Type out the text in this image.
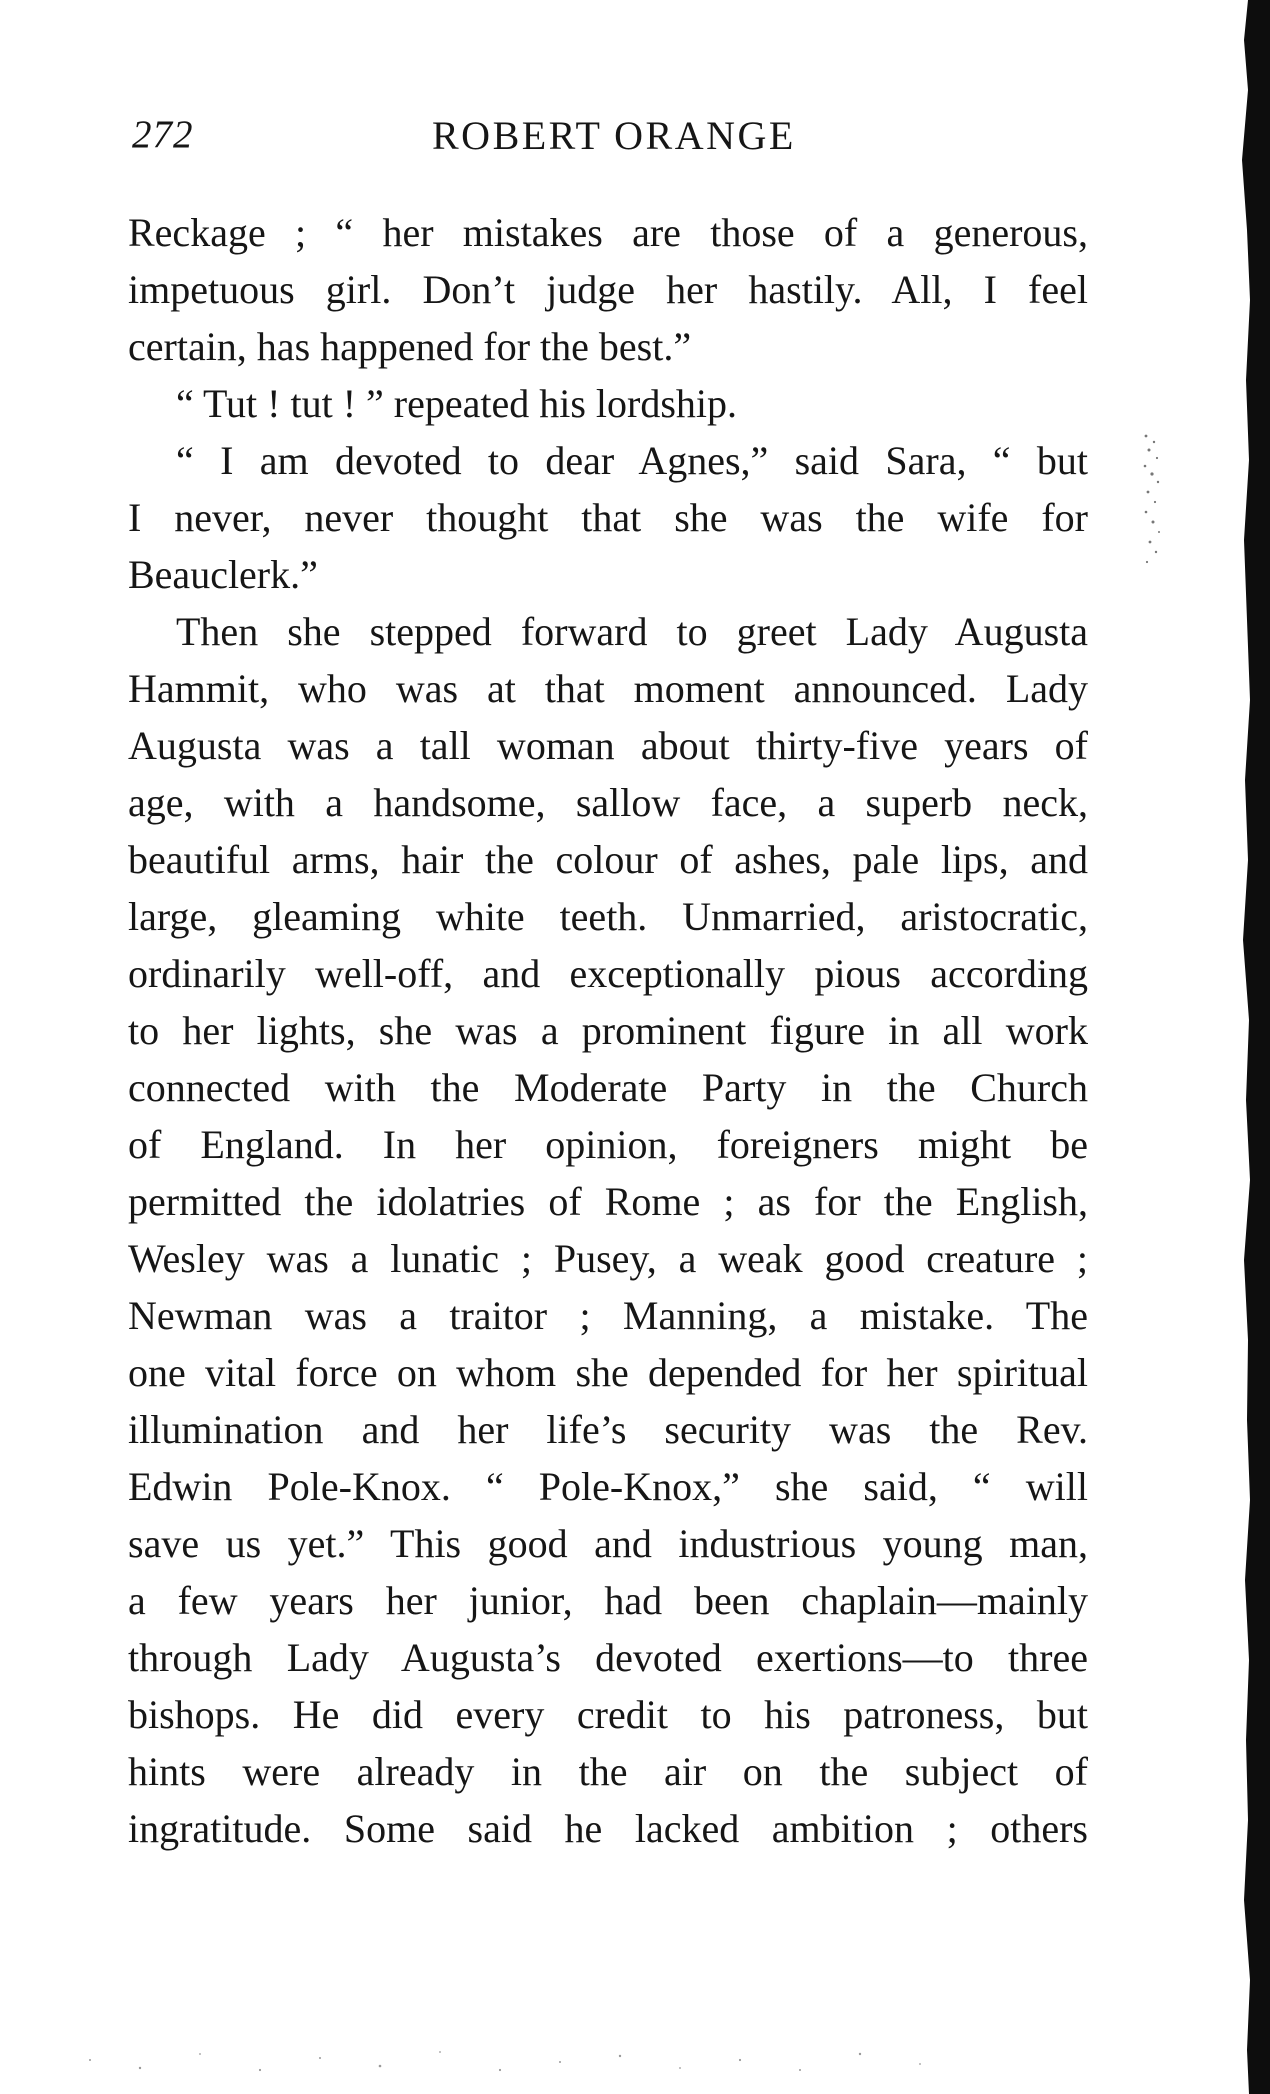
272	ROBERT ORANGE
Reckage ; “ her mistakes are those of a generous,
impetuous girl. Don’t judge her hastily. All, I feel
certain, has happened for the best.”
“ Tut ! tut ! ” repeated his lordship.
“ I am devoted to dear Agnes,” said Sara, “ but
I never, never thought that she was the wife for
Beauclerk.”
Then she stepped forward to greet Lady Augusta
Hammit, who was at that moment announced. Lady
Augusta was a tall woman about thirty-five years of
age, with a handsome, sallow face, a superb neck,
beautiful arms, hair the colour of ashes, pale lips, and
large, gleaming white teeth. Unmarried, aristocratic,
ordinarily well-off, and exceptionally pious according
to her lights, she was a prominent figure in all work
connected with the Moderate Party in the Church
of England. In her opinion, foreigners might be
permitted the idolatries of Rome ; as for the English,
Wesley was a lunatic ; Pusey, a weak good creature ;
Newman was a traitor ; Manning, a mistake. The
one vital force on whom she depended for her spiritual
illumination and her life’s security was the Rev.
Edwin Pole-Knox. “ Pole-Knox,” she said, “ will
save us yet.” This good and industrious young man,
a few years her junior, had been chaplain—mainly
through Lady Augusta’s devoted exertions—to three
bishops. He did every credit to his patroness, but
hints were already in the air on the subject of
ingratitude. Some said he lacked ambition ; others
